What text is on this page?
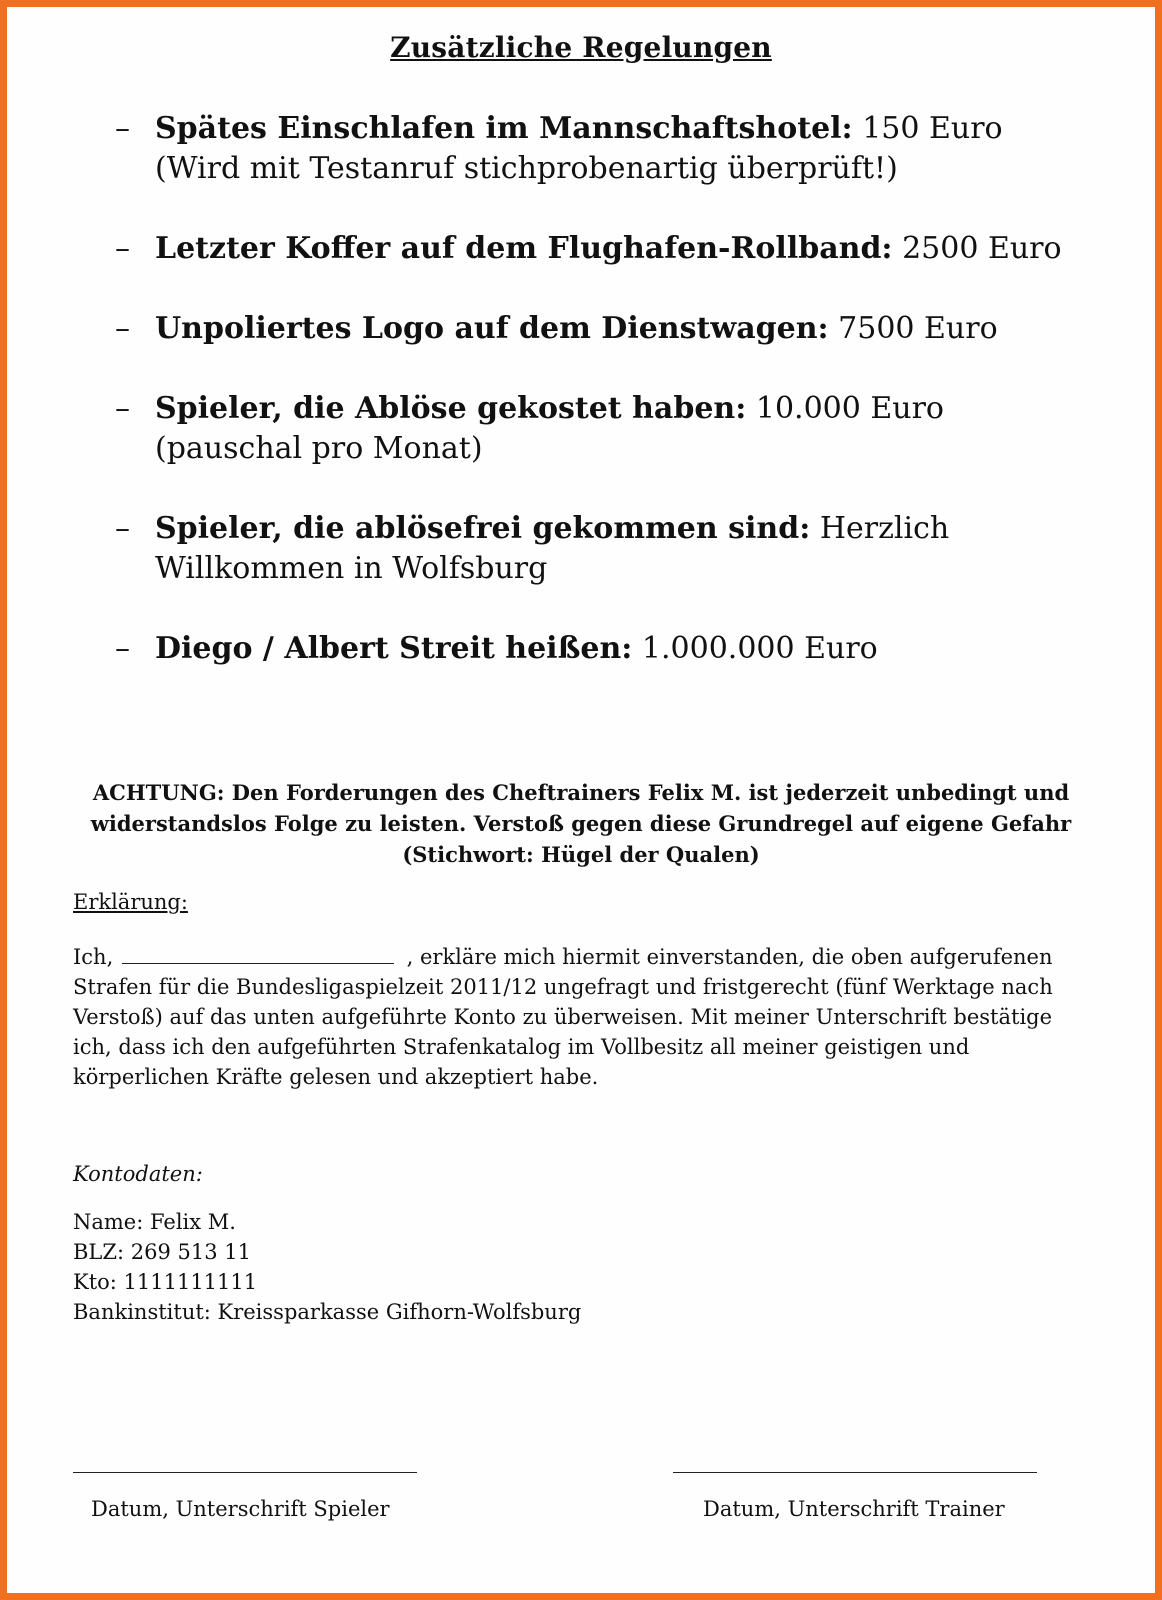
Zusätzliche Regelungen
– Spätes Einschlafen im Mannschaftshotel: 150 Euro
(Wird mit Testanruf stichprobenartig überprüft!)
– Letzter Koffer auf dem Flughafen-Rollband: 2500 Euro
– Unpoliertes Logo auf dem Dienstwagen: 7500 Euro
– Spieler, die Ablöse gekostet haben: 10.000 Euro (pauschal pro Monat)
– Spieler, die ablösefrei gekommen sind: Herzlich Willkommen in Wolfsburg
– Diego / Albert Streit heißen: 1.000.000 Euro
ACHTUNG: Den Forderungen des Cheftrainers Felix M. ist jederzeit unbedingt und widerstandslos Folge zu leisten. Verstoß gegen diese Grundregel auf eigene Gefahr (Stichwort: Hügel der Qualen)
Erklärung:
Ich,	, erkläre mich hiermit einverstanden, die oben aufgerufenen Strafen für die Bundesligaspielzeit 2011/12 ungefragt und fristgerecht (fünf Werktage nach Verstoß) auf das unten aufgeführte Konto zu überweisen. Mit meiner Unterschrift bestätige ich, dass ich den aufgeführten Strafenkatalog im Vollbesitz all meiner geistigen und körperlichen Kräfte gelesen und akzeptiert habe.
Kontodaten:
Name: Felix M.
BLZ: 269 513 11
Kto: 1111111111
Bankinstitut: Kreissparkasse Gifhorn-Wolfsburg
Datum, Unterschrift Spieler	Datum, Unterschrift Trainer
